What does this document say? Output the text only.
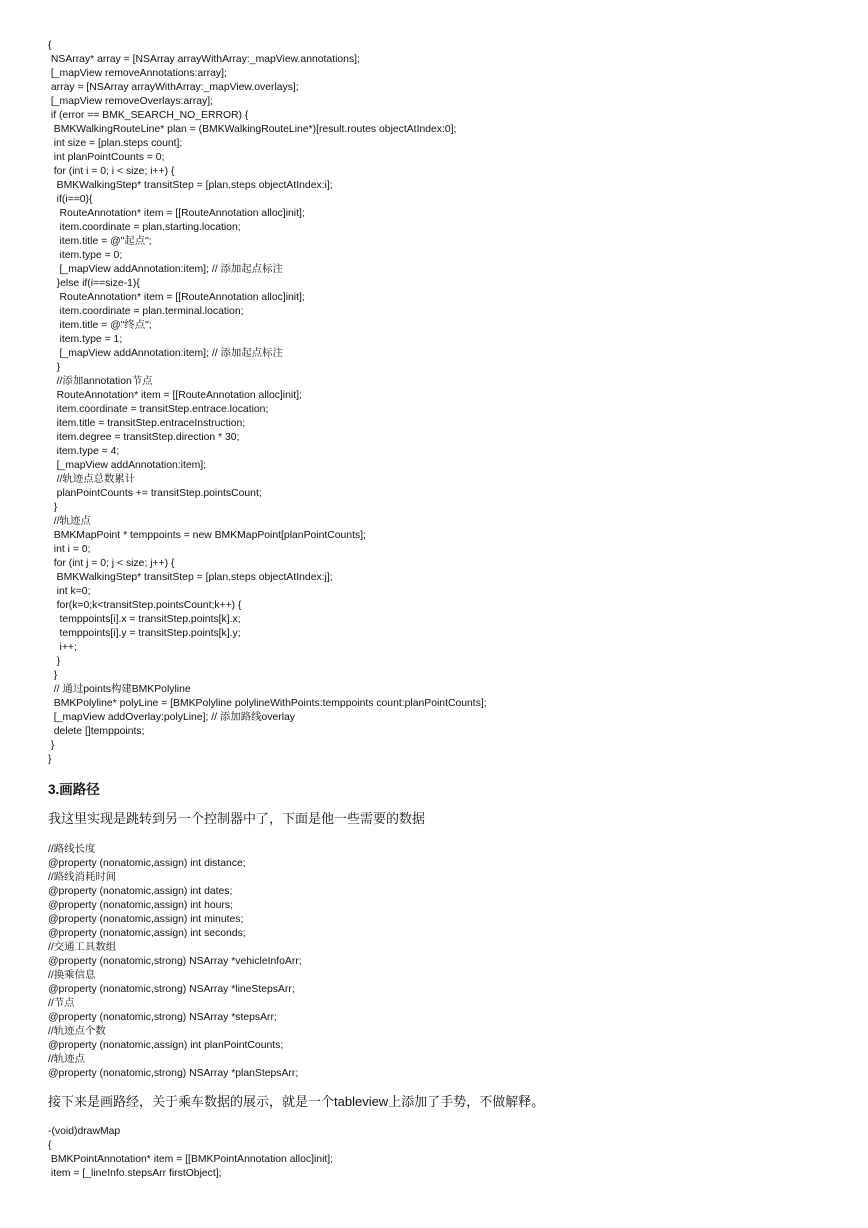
{
NSArray* array = [NSArray arrayWithArray:_mapView.annotations];
[_mapView removeAnnotations:array];
array = [NSArray arrayWithArray:_mapView.overlays];
[_mapView removeOverlays:array];
if (error == BMK_SEARCH_NO_ERROR) {
BMKWalkingRouteLine* plan = (BMKWalkingRouteLine*)[result.routes objectAtIndex:0];
int size = [plan.steps count];
int planPointCounts = 0;
for (int i = 0; i < size; i++) {
BMKWalkingStep* transitStep = [plan.steps objectAtIndex:i];
if(i==0){
RouteAnnotation* item = [[RouteAnnotation alloc]init];
item.coordinate = plan.starting.location;
item.title = @"起点";
item.type = 0;
[_mapView addAnnotation:item]; // 添加起点标注
}else if(i==size-1){
RouteAnnotation* item = [[RouteAnnotation alloc]init];
item.coordinate = plan.terminal.location;
item.title = @"终点";
item.type = 1;
[_mapView addAnnotation:item]; // 添加起点标注
}
//添加annotation节点
RouteAnnotation* item = [[RouteAnnotation alloc]init];
item.coordinate = transitStep.entrace.location;
item.title = transitStep.entraceInstruction;
item.degree = transitStep.direction * 30;
item.type = 4;
[_mapView addAnnotation:item];
//轨迹点总数累计
planPointCounts += transitStep.pointsCount;
}
//轨迹点
BMKMapPoint * temppoints = new BMKMapPoint[planPointCounts];
int i = 0;
for (int j = 0; j < size; j++) {
BMKWalkingStep* transitStep = [plan.steps objectAtIndex:j];
int k=0;
for(k=0;k<transitStep.pointsCount;k++) {
temppoints[i].x = transitStep.points[k].x;
temppoints[i].y = transitStep.points[k].y;
i++;
}
}
// 通过points构建BMKPolyline
BMKPolyline* polyLine = [BMKPolyline polylineWithPoints:temppoints count:planPointCounts];
[_mapView addOverlay:polyLine]; // 添加路线overlay
delete []temppoints;
}
}
3.画路径

我这里实现是跳转到另一个控制器中了，下面是他一些需要的数据

//路线长度
@property (nonatomic,assign) int distance;
//路线消耗时间
@property (nonatomic,assign) int dates;
@property (nonatomic,assign) int hours;
@property (nonatomic,assign) int minutes;
@property (nonatomic,assign) int seconds;
//交通工具数组
@property (nonatomic,strong) NSArray *vehicleInfoArr;
//换乘信息
@property (nonatomic,strong) NSArray *lineStepsArr;
//节点
@property (nonatomic,strong) NSArray *stepsArr;
//轨迹点个数
@property (nonatomic,assign) int planPointCounts;
//轨迹点
@property (nonatomic,strong) NSArray *planStepsArr;

接下来是画路经，关于乘车数据的展示，就是一个tableview上添加了手势，不做解释。

-(void)drawMap
{
BMKPointAnnotation* item = [[BMKPointAnnotation alloc]init];
item = [_lineInfo.stepsArr firstObject];
